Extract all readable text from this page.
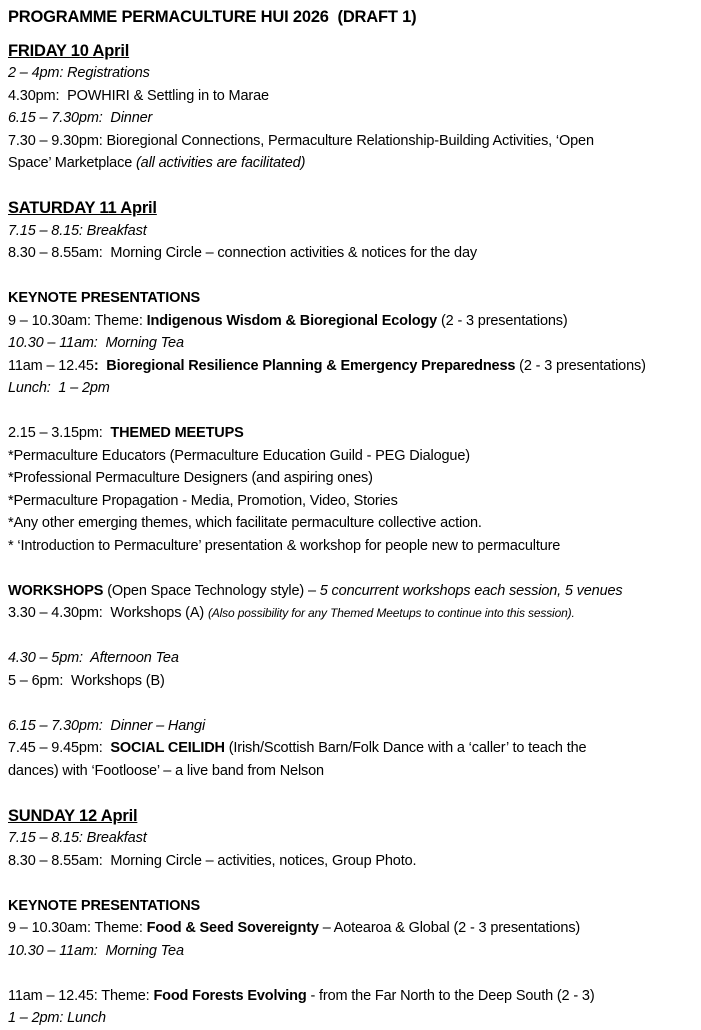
PROGRAMME PERMACULTURE HUI 2026  (DRAFT 1)

FRIDAY 10 April

2 – 4pm: Registrations

4.30pm:  POWHIRI & Settling in to Marae

6.15 – 7.30pm:  Dinner

7.30 – 9.30pm: Bioregional Connections, Permaculture Relationship-Building Activities, ‘Open

Space’ Marketplace (all activities are facilitated)

SATURDAY 11 April

7.15 – 8.15: Breakfast

8.30 – 8.55am:  Morning Circle – connection activities & notices for the day

KEYNOTE PRESENTATIONS

9 – 10.30am: Theme: Indigenous Wisdom & Bioregional Ecology (2 - 3 presentations)

10.30 – 11am:  Morning Tea

11am – 12.45:  Bioregional Resilience Planning & Emergency Preparedness (2 - 3 presentations)

Lunch:  1 – 2pm

2.15 – 3.15pm:  THEMED MEETUPS

*Permaculture Educators (Permaculture Education Guild - PEG Dialogue)

*Professional Permaculture Designers (and aspiring ones)

*Permaculture Propagation - Media, Promotion, Video, Stories

*Any other emerging themes, which facilitate permaculture collective action.

* ‘Introduction to Permaculture’ presentation & workshop for people new to permaculture

WORKSHOPS (Open Space Technology style) – 5 concurrent workshops each session, 5 venues

3.30 – 4.30pm:  Workshops (A) (Also possibility for any Themed Meetups to continue into this session).

4.30 – 5pm:  Afternoon Tea

5 – 6pm:  Workshops (B)

6.15 – 7.30pm:  Dinner – Hangi

7.45 – 9.45pm:  SOCIAL CEILIDH (Irish/Scottish Barn/Folk Dance with a ‘caller’ to teach the

dances) with ‘Footloose’ – a live band from Nelson

SUNDAY 12 April

7.15 – 8.15: Breakfast

8.30 – 8.55am:  Morning Circle – activities, notices, Group Photo.

KEYNOTE PRESENTATIONS

9 – 10.30am: Theme: Food & Seed Sovereignty – Aotearoa & Global (2 - 3 presentations)

10.30 – 11am:  Morning Tea

11am – 12.45: Theme: Food Forests Evolving - from the Far North to the Deep South (2 - 3)

1 – 2pm: Lunch
